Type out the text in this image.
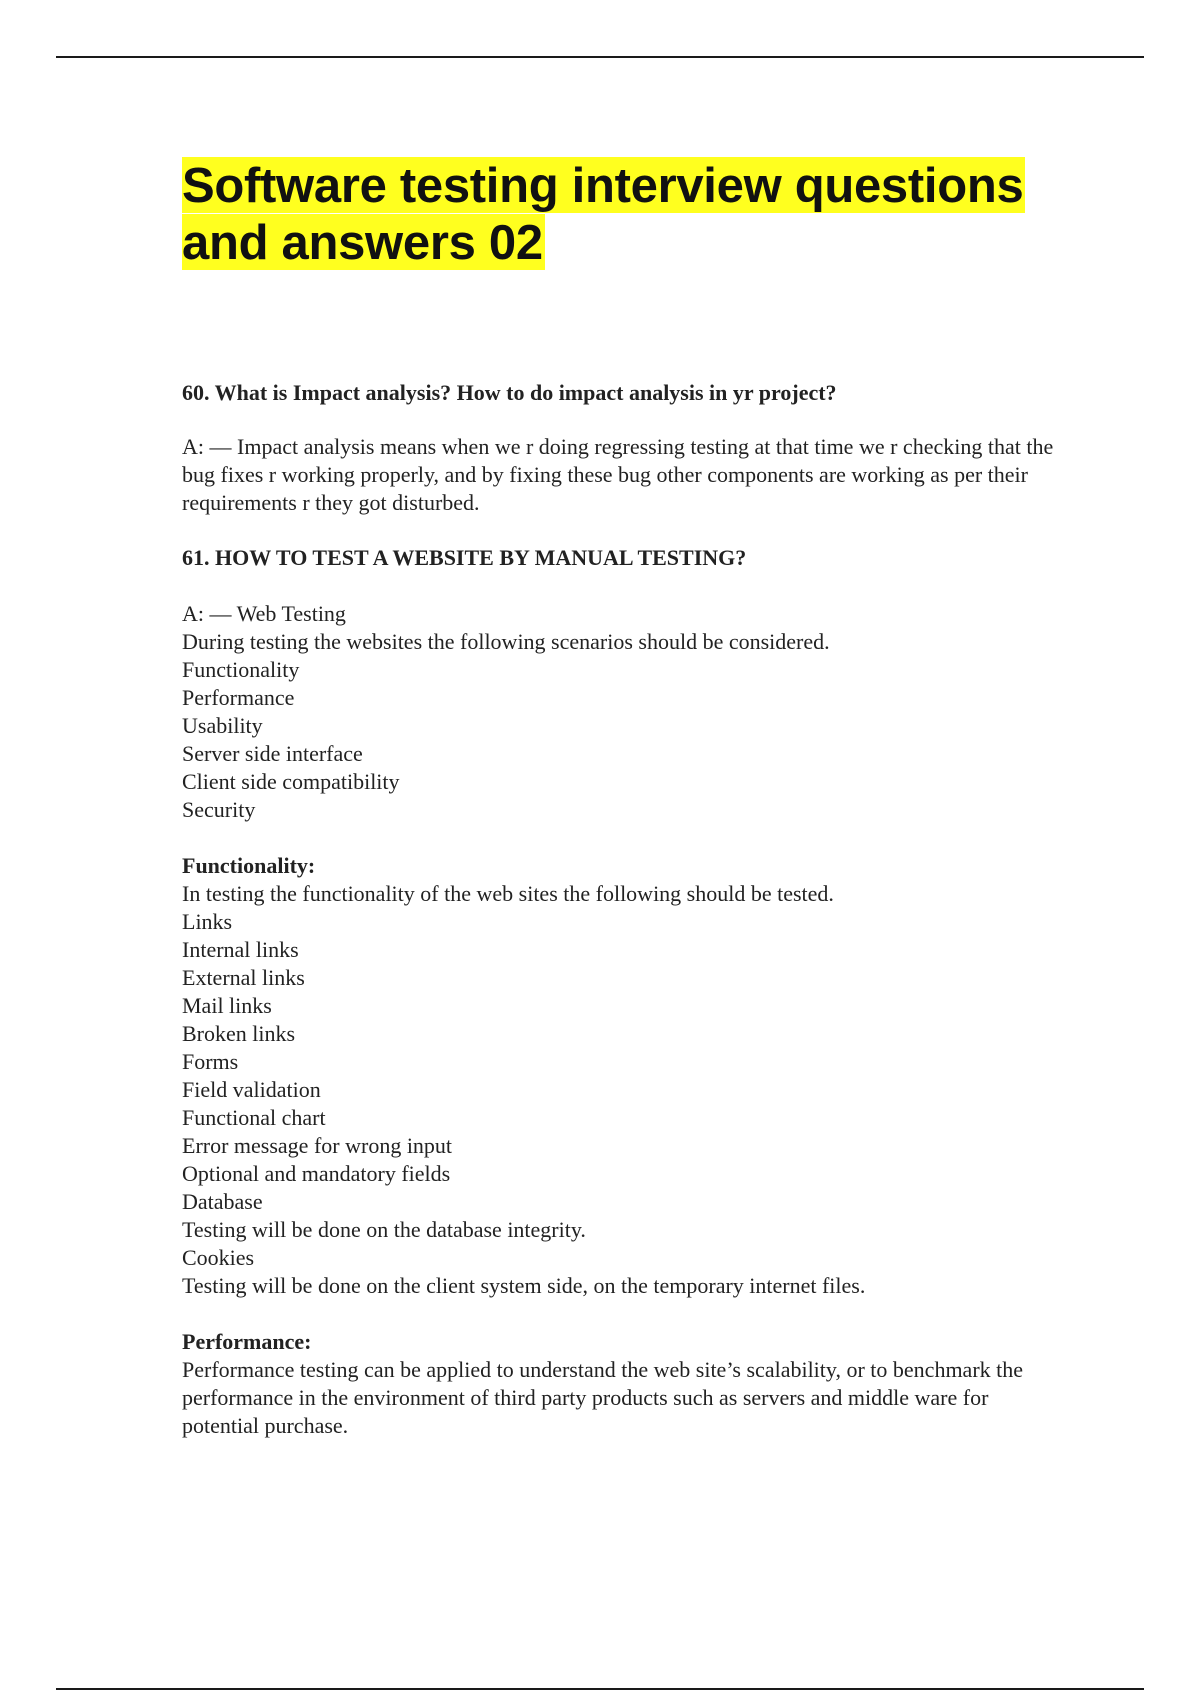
Software testing interview questions
and answers 02

60. What is Impact analysis? How to do impact analysis in yr project?

A: — Impact analysis means when we r doing regressing testing at that time we r checking that the bug fixes r working properly, and by fixing these bug other components are working as per their requirements r they got disturbed.

61. HOW TO TEST A WEBSITE BY MANUAL TESTING?

A: — Web Testing
During testing the websites the following scenarios should be considered.
Functionality
Performance
Usability
Server side interface
Client side compatibility
Security

Functionality:

In testing the functionality of the web sites the following should be tested.
Links
Internal links
External links
Mail links
Broken links
Forms
Field validation
Functional chart
Error message for wrong input
Optional and mandatory fields
Database
Testing will be done on the database integrity.
Cookies
Testing will be done on the client system side, on the temporary internet files.

Performance:

Performance testing can be applied to understand the web site’s scalability, or to benchmark the performance in the environment of third party products such as servers and middle ware for potential purchase.
